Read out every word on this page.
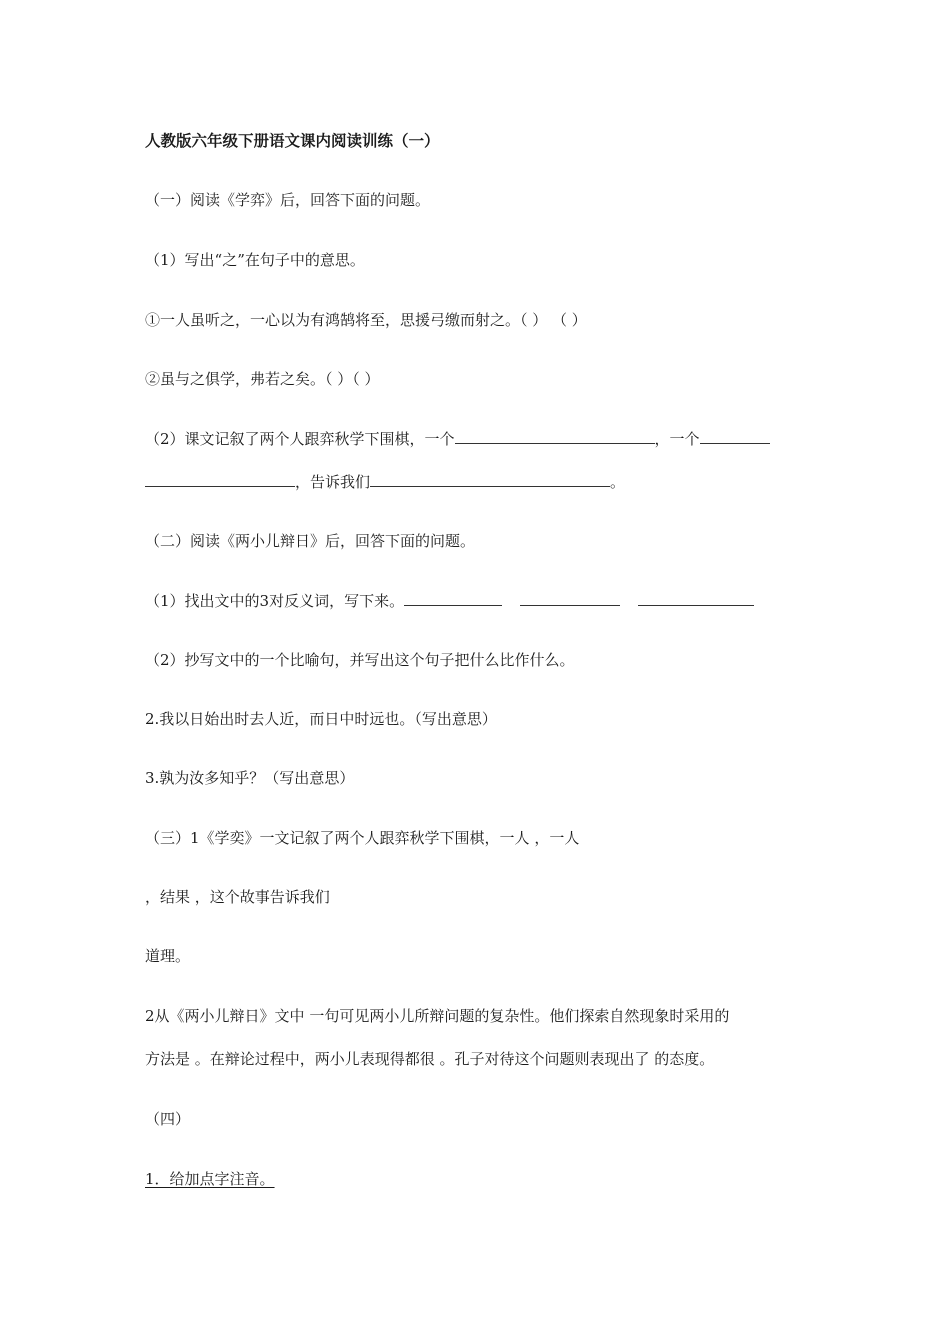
人教版六年级下册语文课内阅读训练（一）
（一）阅读《学弈》后，回答下面的问题。
（1）写出“之”在句子中的意思。
①一人虽听之，一心以为有鸿鹄将至，思援弓缴而射之。（ ） （ ）
②虽与之俱学，弗若之矣。（ ）（ ）
（2）课文记叙了两个人跟弈秋学下围棋，一个	，一个
，告诉我们	。
（二）阅读《两小儿辩日》后，回答下面的问题。
（1）找出文中的3对反义词，写下来。
（2）抄写文中的一个比喻句，并写出这个句子把什么比作什么。
2.我以日始出时去人近，而日中时远也。（写出意思）
3.孰为汝多知乎？（写出意思）
（三）1《学奕》一文记叙了两个人跟弈秋学下围棋，一人 ，一人
，结果 ，这个故事告诉我们
道理。
2从《两小儿辩日》文中 一句可见两小儿所辩问题的复杂性。他们探索自然现象时采用的
方法是 。在辩论过程中，两小儿表现得都很 。孔子对待这个问题则表现出了 的态度。
（四）
1．给加点字注音。
